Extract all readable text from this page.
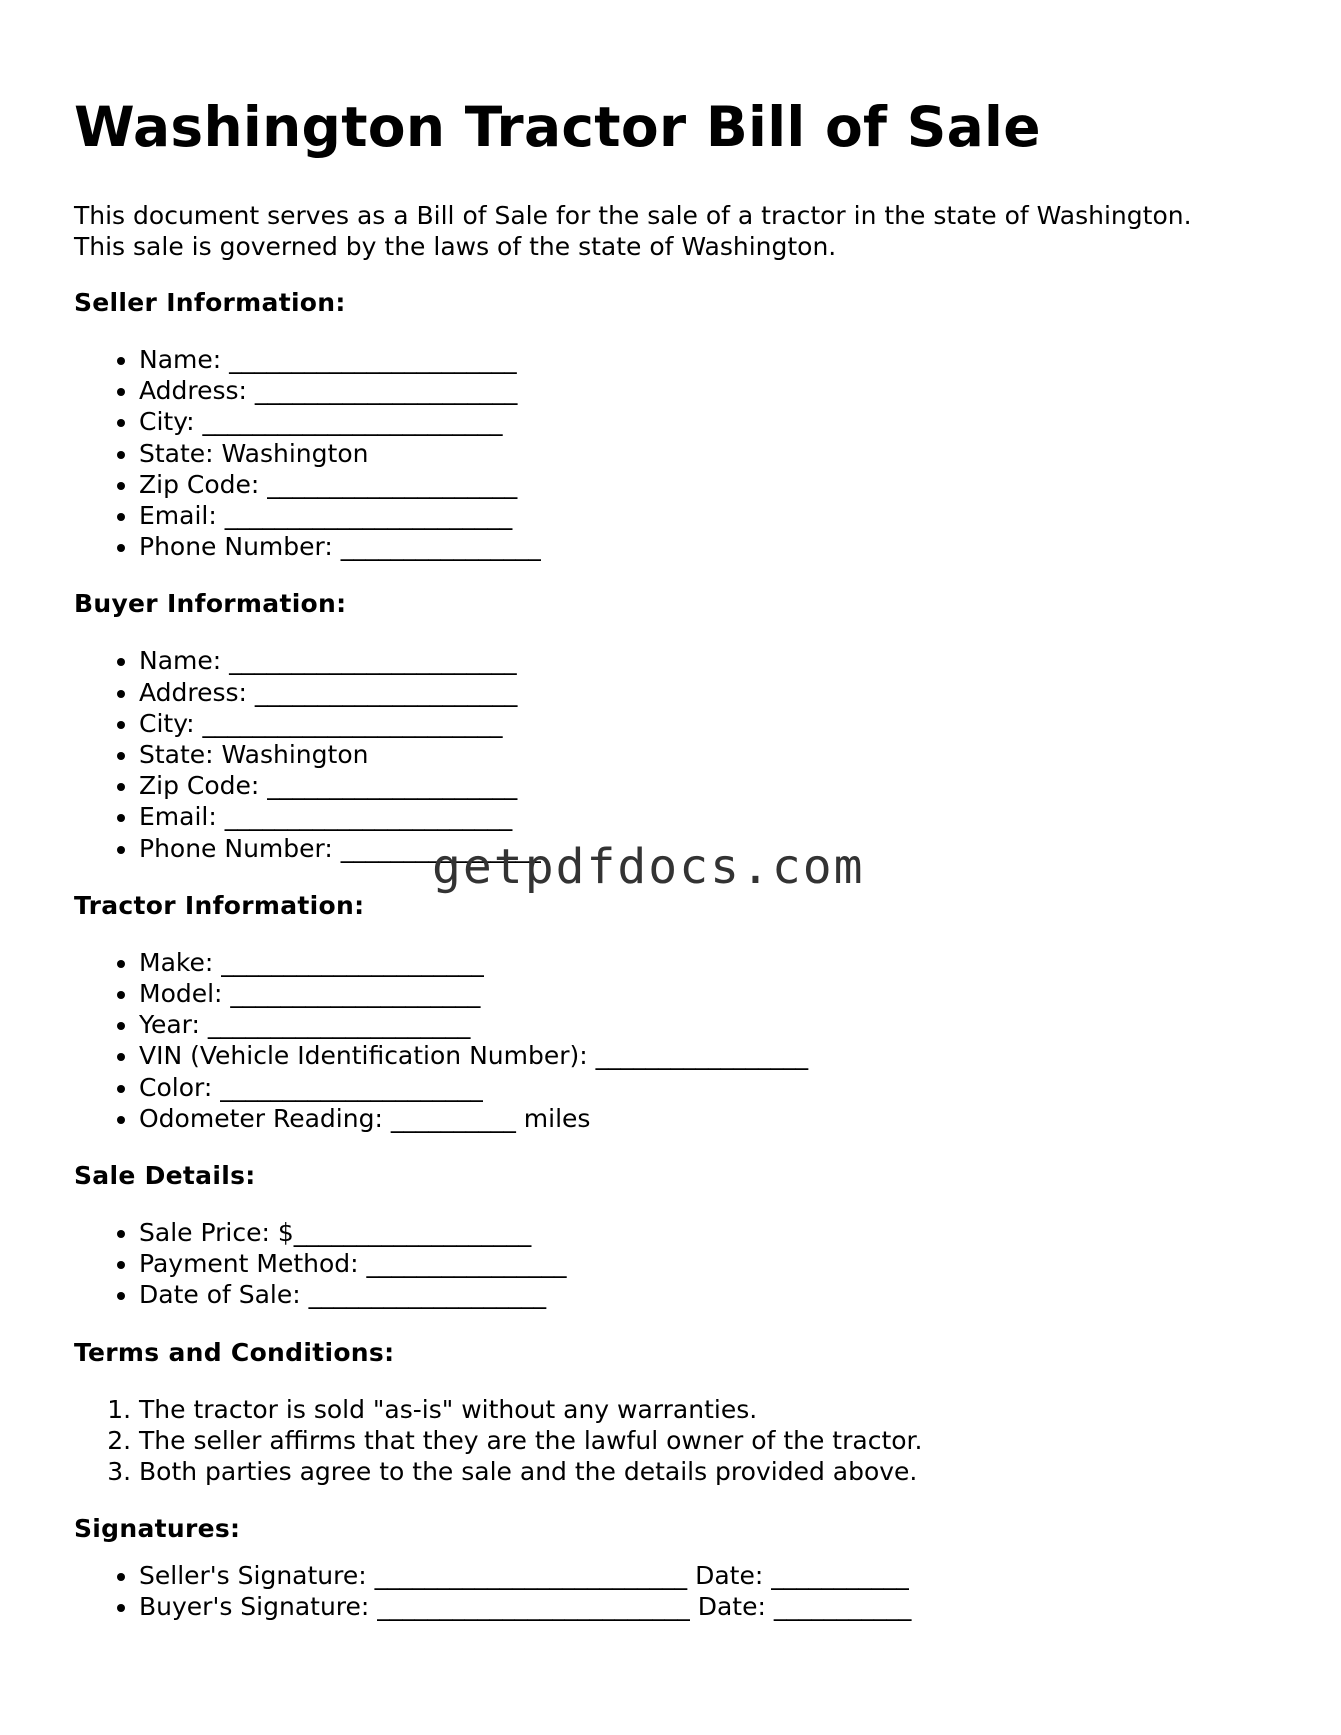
Washington Tractor Bill of Sale

This document serves as a Bill of Sale for the sale of a tractor in the state of Washington.

This sale is governed by the laws of the state of Washington.

Seller Information:
• Name: _______________________
• Address: _____________________
• City: ________________________
• State: Washington
• Zip Code: ____________________
• Email: _______________________
• Phone Number: ________________
Buyer Information:
• Name: _______________________
• Address: _____________________
• City: ________________________
• State: Washington
• Zip Code: ____________________
• Email: _______________________
• Phone Number: ________________
Tractor Information:
• Make: _____________________
• Model: ____________________
• Year: _____________________
• VIN (Vehicle Identification Number): _________________
• Color: _____________________
• Odometer Reading: __________ miles
Sale Details:
• Sale Price: $___________________
• Payment Method: ________________
• Date of Sale: ___________________
Terms and Conditions:
1. The tractor is sold "as-is" without any warranties.
2. The seller affirms that they are the lawful owner of the tractor.
3. Both parties agree to the sale and the details provided above.
Signatures:
• Seller's Signature: _________________________ Date: ___________
• Buyer's Signature: _________________________ Date: ___________
getpdfdocs.com
